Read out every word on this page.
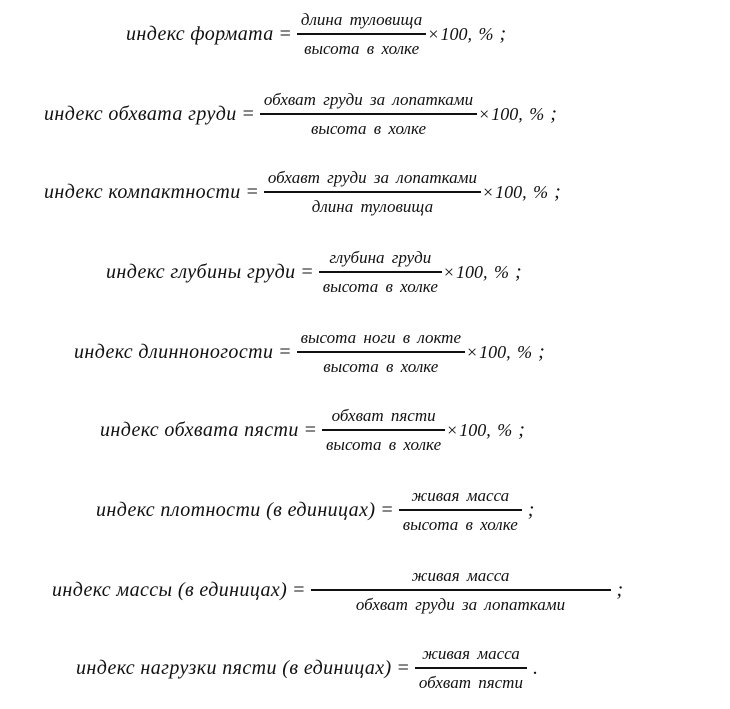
индекс формата = $\frac{\text{длина туловища}}{\text{высота в холке}} \times 100$, % ;
индекс обхвата груди = $\frac{\text{обхват груди за лопатками}}{\text{высота в холке}} \times 100$, % ;
индекс компактности = $\frac{\text{обхавт груди за лопатками}}{\text{длина туловища}} \times 100$, % ;
индекс глубины груди = $\frac{\text{глубина груди}}{\text{высота в холке}} \times 100$, % ;
индекс длинноногости = $\frac{\text{высота ноги в локте}}{\text{высота в холке}} \times 100$, % ;
индекс обхвата пясти = $\frac{\text{обхват пясти}}{\text{высота в холке}} \times 100$, % ;
индекс плотности (в единицах) = $\frac{\text{живая масса}}{\text{высота в холке}}$ ;
индекс массы (в единицах) = $\frac{\text{живая масса}}{\text{обхват груди за лопатками}}$ ;
индекс нагрузки пясти (в единицах) = $\frac{\text{живая масса}}{\text{обхват пясти}}$ .
